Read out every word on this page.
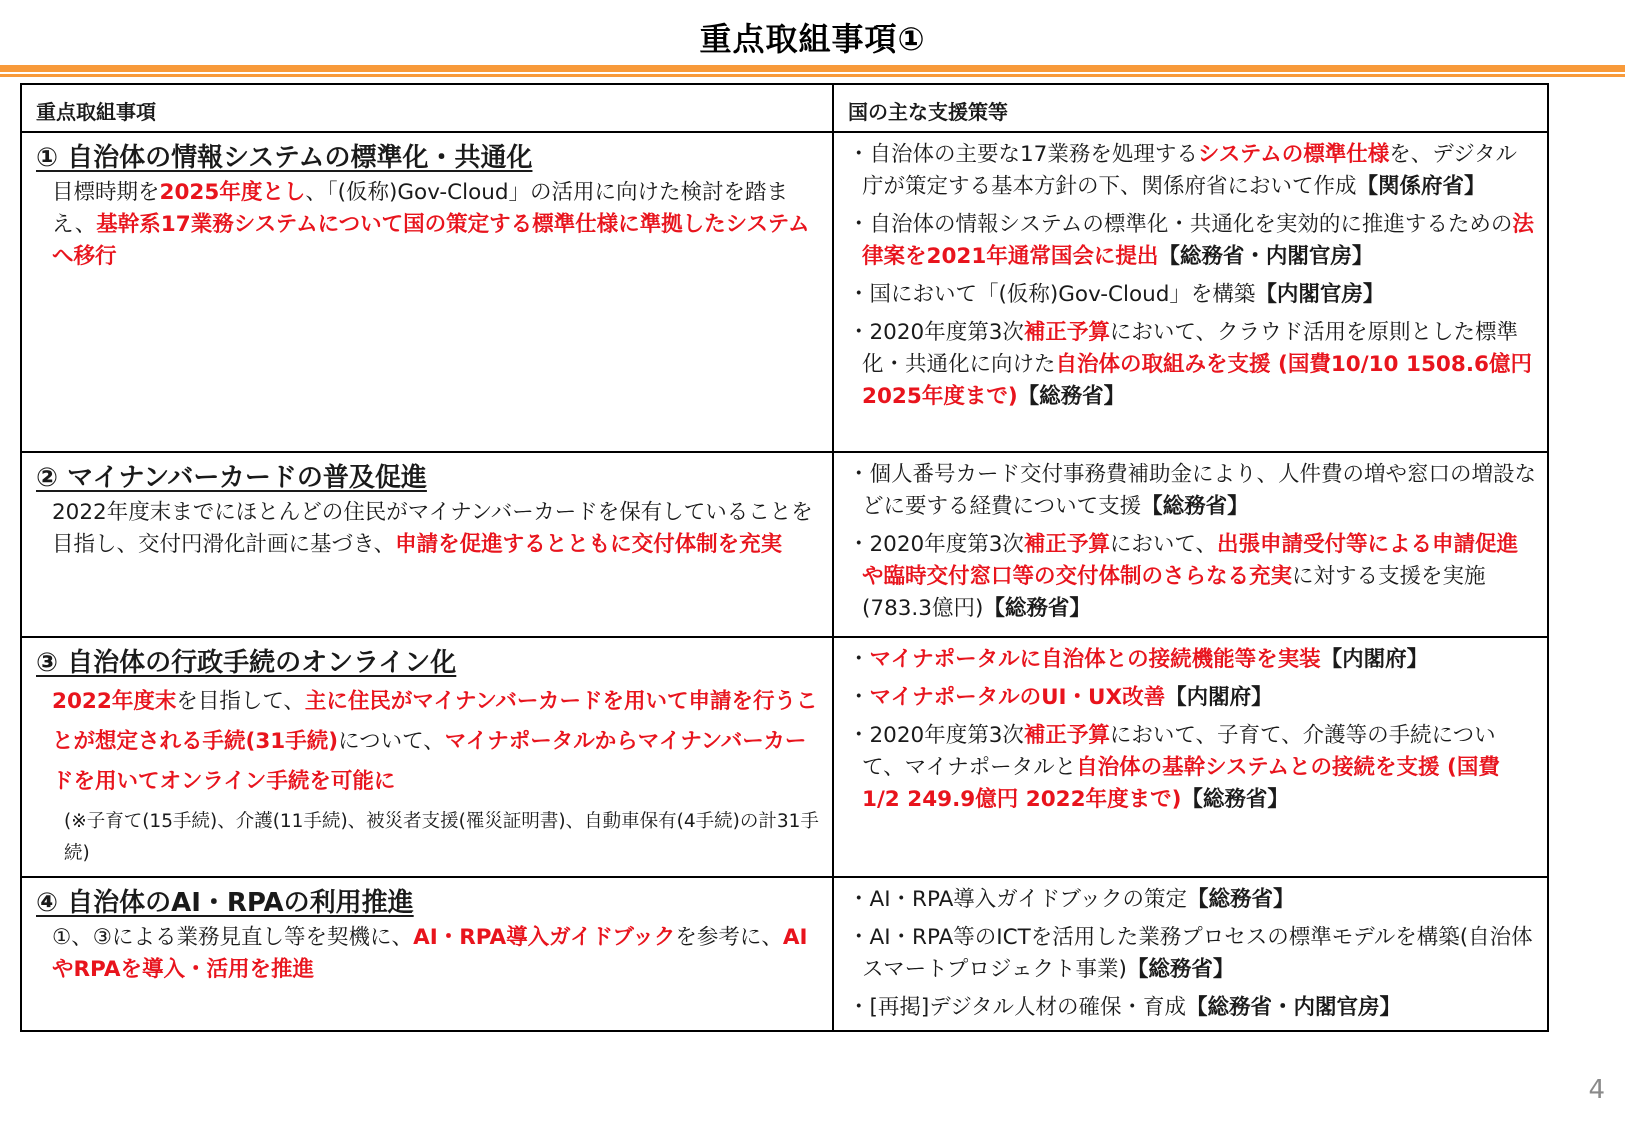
重点取組事項①
重点取組事項	国の主な支援策等

① 自治体の情報システムの標準化・共通化
目標時期を2025年度とし、「(仮称)Gov-Cloud」の活用に向けた検討を踏まえ、基幹系17業務システムについて国の策定する標準仕様に準拠したシステムへ移行

・自治体の主要な17業務を処理するシステムの標準仕様を、デジタル庁が策定する基本方針の下、関係府省において作成【関係府省】
・自治体の情報システムの標準化・共通化を実効的に推進するための法律案を2021年通常国会に提出【総務省・内閣官房】
・国において「(仮称)Gov-Cloud」を構築【内閣官房】
・2020年度第3次補正予算において、クラウド活用を原則とした標準化・共通化に向けた自治体の取組みを支援 (国費10/10 1508.6億円 2025年度まで)【総務省】

② マイナンバーカードの普及促進
2022年度末までにほとんどの住民がマイナンバーカードを保有していることを目指し、交付円滑化計画に基づき、申請を促進するとともに交付体制を充実

・個人番号カード交付事務費補助金により、人件費の増や窓口の増設などに要する経費について支援【総務省】
・2020年度第3次補正予算において、出張申請受付等による申請促進や臨時交付窓口等の交付体制のさらなる充実に対する支援を実施(783.3億円)【総務省】

③ 自治体の行政手続のオンライン化
2022年度末を目指して、主に住民がマイナンバーカードを用いて申請を行うことが想定される手続(31手続)について、マイナポータルからマイナンバーカードを用いてオンライン手続を可能に
(※子育て(15手続)、介護(11手続)、被災者支援(罹災証明書)、自動車保有(4手続)の計31手続)

・マイナポータルに自治体との接続機能等を実装【内閣府】
・マイナポータルのUI・UX改善【内閣府】
・2020年度第3次補正予算において、子育て、介護等の手続について、マイナポータルと自治体の基幹システムとの接続を支援 (国費1/2 249.9億円 2022年度まで)【総務省】

④ 自治体のAI・RPAの利用推進
①、③による業務見直し等を契機に、AI・RPA導入ガイドブックを参考に、AIやRPAを導入・活用を推進

・AI・RPA導入ガイドブックの策定【総務省】
・AI・RPA等のICTを活用した業務プロセスの標準モデルを構築(自治体スマートプロジェクト事業)【総務省】
・[再掲]デジタル人材の確保・育成【総務省・内閣官房】
4
